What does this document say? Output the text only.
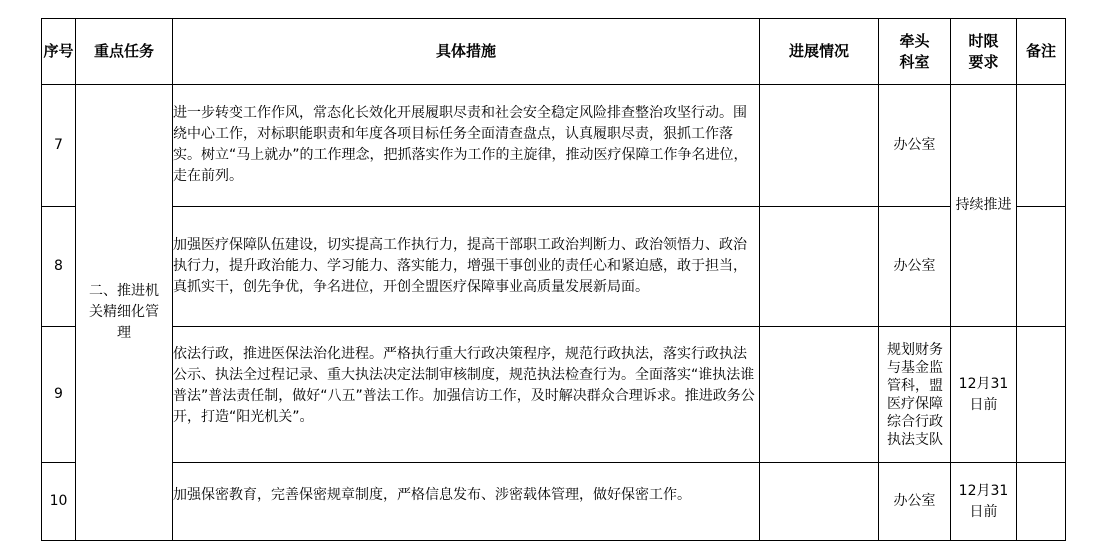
序号	重点任务	具体措施	进展情况	牵头科室	时限要求	备注
7	二、推进机关精细化管理	进一步转变工作作风，常态化长效化开展履职尽责和社会安全稳定风险排查整治攻坚行动。围绕中心工作，对标职能职责和年度各项目标任务全面清查盘点，认真履职尽责，狠抓工作落实。树立“马上就办”的工作理念，把抓落实作为工作的主旋律，推动医疗保障工作争名进位，走在前列。		办公室	持续推进	
8		加强医疗保障队伍建设，切实提高工作执行力，提高干部职工政治判断力、政治领悟力、政治执行力，提升政治能力、学习能力、落实能力，增强干事创业的责任心和紧迫感，敢于担当，真抓实干，创先争优，争名进位，开创全盟医疗保障事业高质量发展新局面。		办公室		
9		依法行政，推进医保法治化进程。严格执行重大行政决策程序，规范行政执法，落实行政执法公示、执法全过程记录、重大执法决定法制审核制度，规范执法检查行为。全面落实“谁执法谁普法”普法责任制，做好“八五”普法工作。加强信访工作，及时解决群众合理诉求。推进政务公开，打造“阳光机关”。		规划财务与基金监管科，盟医疗保障综合行政执法支队	12月31日前	
10		加强保密教育，完善保密规章制度，严格信息发布、涉密载体管理，做好保密工作。		办公室	12月31日前	
